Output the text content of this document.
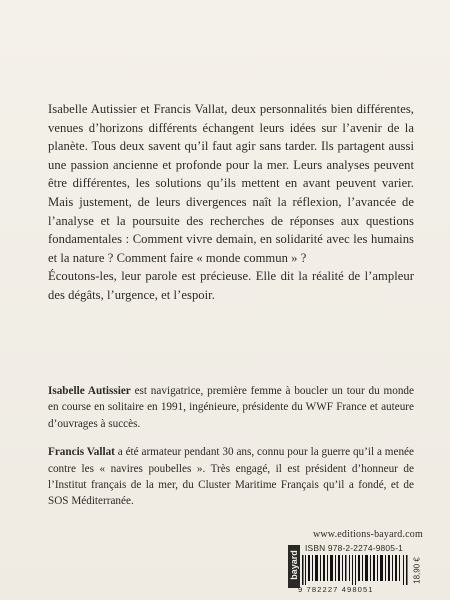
Isabelle Autissier et Francis Vallat, deux personnalités bien différentes, venues d’horizons différents échangent leurs idées sur l’avenir de la planète. Tous deux savent qu’il faut agir sans tarder. Ils partagent aussi une passion ancienne et profonde pour la mer. Leurs analyses peuvent être différentes, les solutions qu’ils mettent en avant peuvent varier. Mais justement, de leurs divergences naît la réflexion, l’avancée de l’analyse et la poursuite des recherches de réponses aux questions fondamentales : Comment vivre demain, en solidarité avec les humains et la nature ? Comment faire « monde commun » ?

Écoutons-les, leur parole est précieuse. Elle dit la réalité de l’ampleur des dégâts, l’urgence, et l’espoir.

Isabelle Autissier est navigatrice, première femme à boucler un tour du monde en course en solitaire en 1991, ingénieure, présidente du WWF France et auteure d’ouvrages à succès.

Francis Vallat a été armateur pendant 30 ans, connu pour la guerre qu’il a menée contre les « navires poubelles ». Très engagé, il est président d’honneur de l’Institut français de la mer, du Cluster Maritime Français qu’il a fondé, et de SOS Méditerranée.

www.editions-bayard.com
bayard
ISBN 978-2-2274-9805-1
9 782227 498051
18,90 €
